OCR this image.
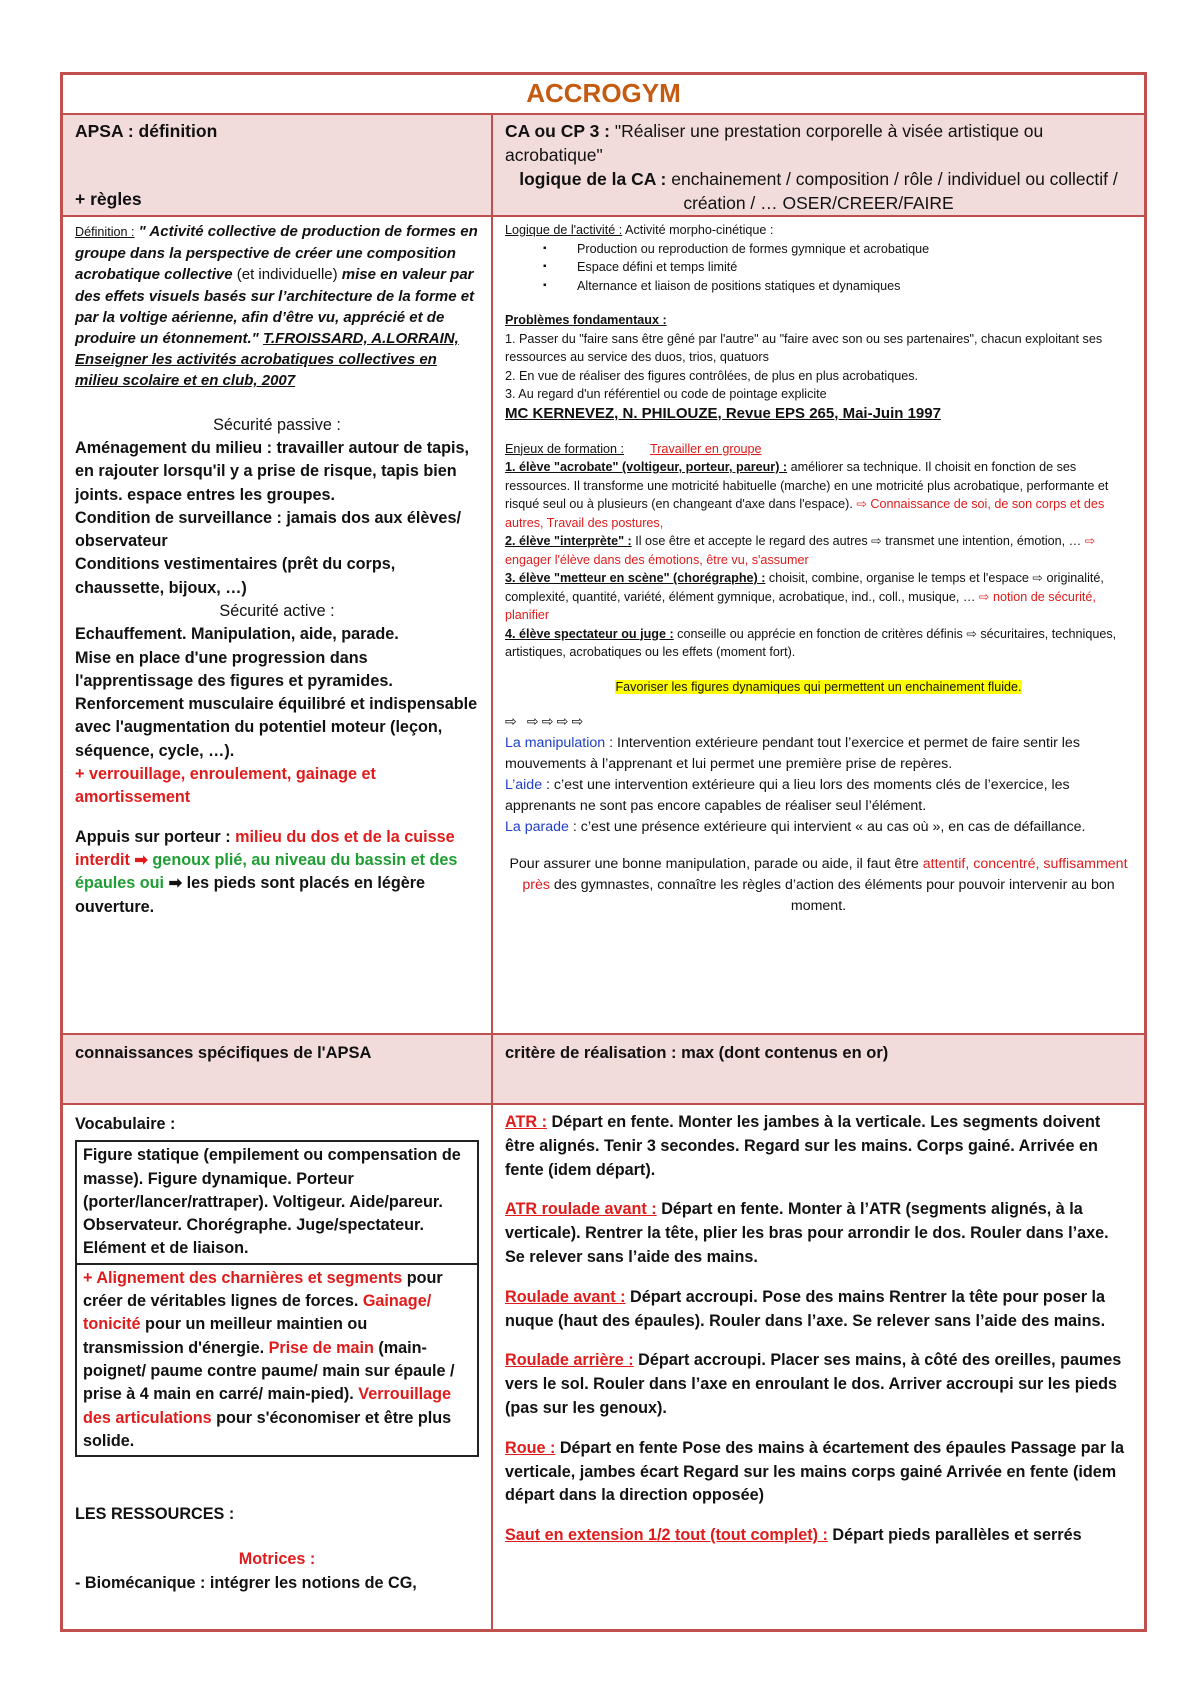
ACCROGYM
APSA : définition
+ règles

CA ou CP 3 : "Réaliser une prestation corporelle à visée artistique ou acrobatique"

logique de la CA : enchainement / composition / rôle / individuel ou collectif / création / … OSER/CREER/FAIRE

Définition : " Activité collective de production de formes en groupe dans la perspective de créer une composition acrobatique collective (et individuelle) mise en valeur par des effets visuels basés sur l’architecture de la forme et par la voltige aérienne, afin d’être vu, apprécié et de produire un étonnement." T.FROISSARD, A.LORRAIN, Enseigner les activités acrobatiques collectives en milieu scolaire et en club, 2007

Sécurité passive :

Aménagement du milieu : travailler autour de tapis, en rajouter lorsqu'il y a prise de risque, tapis bien joints. espace entres les groupes.

Condition de surveillance : jamais dos aux élèves/ observateur

Conditions vestimentaires (prêt du corps, chaussette, bijoux, …)

Sécurité active :

Echauffement. Manipulation, aide, parade.

Mise en place d'une progression dans l'apprentissage des figures et pyramides.

Renforcement musculaire équilibré et indispensable avec l'augmentation du potentiel moteur (leçon, séquence, cycle, …).

+ verrouillage, enroulement, gainage et amortissement

Appuis sur porteur : milieu du dos et de la cuisse interdit ➡ genoux plié, au niveau du bassin et des épaules oui ➡ les pieds sont placés en légère ouverture.

Logique de l'activité : Activité morpho-cinétique :

▪ Production ou reproduction de formes gymnique et acrobatique
▪ Espace défini et temps limité
▪ Alternance et liaison de positions statiques et dynamiques

Problèmes fondamentaux :

1. Passer du "faire sans être gêné par l'autre" au "faire avec son ou ses partenaires", chacun exploitant ses ressources au service des duos, trios, quatuors

2. En vue de réaliser des figures contrôlées, de plus en plus acrobatiques.

3. Au regard d'un référentiel ou code de pointage explicite

MC KERNEVEZ, N. PHILOUZE, Revue EPS 265, Mai-Juin 1997

Enjeux de formation : Travailler en groupe

1. élève "acrobate" (voltigeur, porteur, pareur) : améliorer sa technique. Il choisit en fonction de ses ressources. Il transforme une motricité habituelle (marche) en une motricité plus acrobatique, performante et risqué seul ou à plusieurs (en changeant d'axe dans l'espace). ⇨ Connaissance de soi, de son corps et des autres, Travail des postures,

2. élève "interprète" : Il ose être et accepte le regard des autres ⇨ transmet une intention, émotion, … ⇨ engager l'élève dans des émotions, être vu, s'assumer

3. élève "metteur en scène" (chorégraphe) : choisit, combine, organise le temps et l'espace ⇨ originalité, complexité, quantité, variété, élément gymnique, acrobatique, ind., coll., musique, … ⇨ notion de sécurité, planifier

4. élève spectateur ou juge : conseille ou apprécie en fonction de critères définis ⇨ sécuritaires, techniques, artistiques, acrobatiques ou les effets (moment fort).

Favoriser les figures dynamiques qui permettent un enchainement fluide.

⇨ ⇨⇨⇨⇨

La manipulation : Intervention extérieure pendant tout l’exercice et permet de faire sentir les mouvements à l’apprenant et lui permet une première prise de repères.

L’aide : c’est une intervention extérieure qui a lieu lors des moments clés de l’exercice, les apprenants ne sont pas encore capables de réaliser seul l’élément.

La parade : c’est une présence extérieure qui intervient « au cas où », en cas de défaillance.

Pour assurer une bonne manipulation, parade ou aide, il faut être attentif, concentré, suffisamment près des gymnastes, connaître les règles d’action des éléments pour pouvoir intervenir au bon moment.

connaissances spécifiques de l'APSA	critère de réalisation : max (dont contenus en or)

Vocabulaire :

Figure statique (empilement ou compensation de masse). Figure dynamique. Porteur (porter/lancer/rattraper). Voltigeur. Aide/pareur. Observateur. Chorégraphe. Juge/spectateur. Elément et de liaison.

+ Alignement des charnières et segments pour créer de véritables lignes de forces. Gainage/ tonicité pour un meilleur maintien ou transmission d'énergie. Prise de main (main-poignet/ paume contre paume/ main sur épaule / prise à 4 main en carré/ main-pied). Verrouillage des articulations pour s'économiser et être plus solide.

LES RESSOURCES :

Motrices :

- Biomécanique : intégrer les notions de CG,

ATR : Départ en fente. Monter les jambes à la verticale. Les segments doivent être alignés. Tenir 3 secondes. Regard sur les mains. Corps gainé. Arrivée en fente (idem départ).

ATR roulade avant : Départ en fente. Monter à l’ATR (segments alignés, à la verticale). Rentrer la tête, plier les bras pour arrondir le dos. Rouler dans l’axe. Se relever sans l’aide des mains.

Roulade avant : Départ accroupi. Pose des mains Rentrer la tête pour poser la nuque (haut des épaules). Rouler dans l’axe. Se relever sans l’aide des mains.

Roulade arrière : Départ accroupi. Placer ses mains, à côté des oreilles, paumes vers le sol. Rouler dans l’axe en enroulant le dos. Arriver accroupi sur les pieds (pas sur les genoux).

Roue : Départ en fente Pose des mains à écartement des épaules Passage par la verticale, jambes écart Regard sur les mains corps gainé Arrivée en fente (idem départ dans la direction opposée)

Saut en extension 1/2 tout (tout complet) : Départ pieds parallèles et serrés
